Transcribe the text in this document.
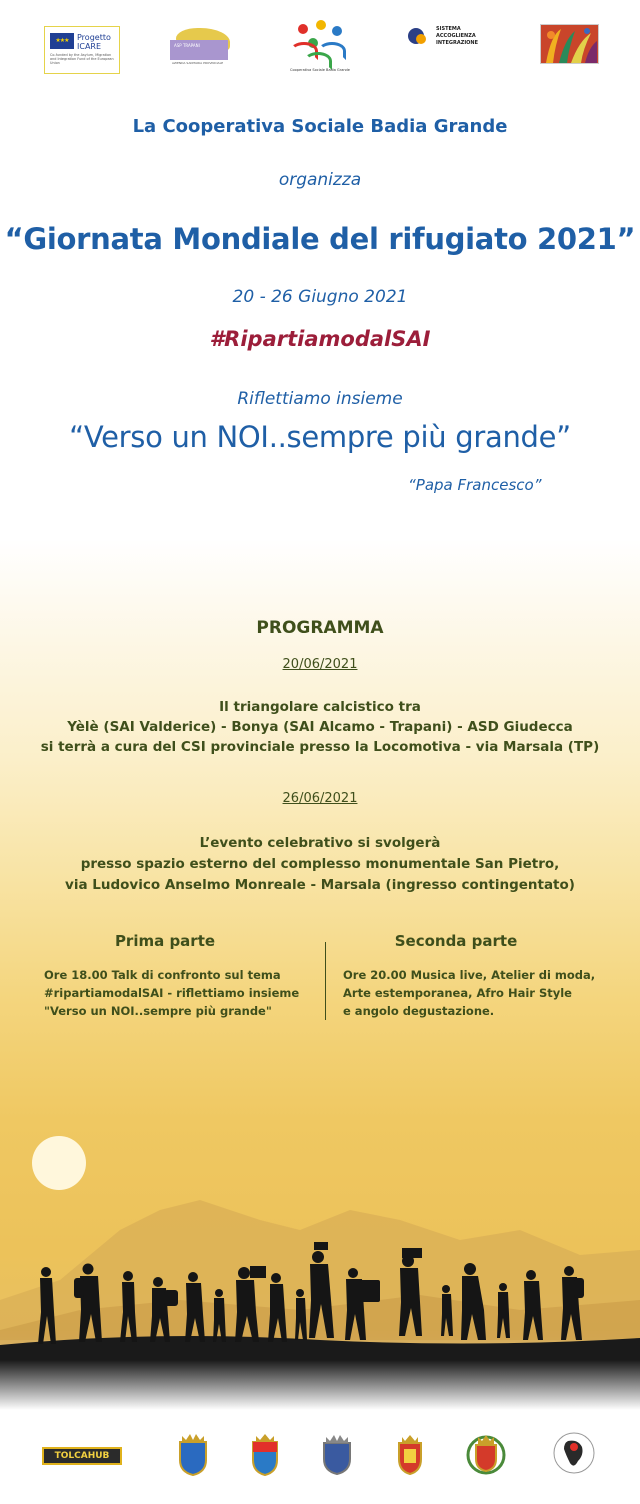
★★★	Progetto ICARE
Co-funded by the Asylum, Migration and Integration Fund of the European Union
ASP TRAPANI
AZIENDA SANITARIA PROVINCIALE
Cooperativa Sociale Badia Grande
SISTEMA ACCOGLIENZA INTEGRAZIONE
La Cooperativa Sociale Badia Grande
organizza
“Giornata Mondiale del rifugiato 2021”
20 - 26 Giugno 2021
#RipartiamodalSAI
Riflettiamo insieme
“Verso un NOI..sempre più grande”
“Papa Francesco”
PROGRAMMA
20/06/2021
Il triangolare calcistico tra
Yèlè (SAI Valderice) - Bonya (SAI Alcamo - Trapani) - ASD Giudecca
si terrà a cura del CSI provinciale presso la Locomotiva - via Marsala (TP)
26/06/2021
L’evento celebrativo si svolgerà
presso spazio esterno del complesso monumentale San Pietro,
via Ludovico Anselmo Monreale - Marsala (ingresso contingentato)
Prima parte	Seconda parte
Ore 18.00 Talk di confronto sul tema
#ripartiamodalSAI - riflettiamo insieme
"Verso un NOI..sempre più grande"
Ore 20.00 Musica live, Atelier di moda,
Arte estemporanea, Afro Hair Style
e angolo degustazione.
TOLCAHUB
